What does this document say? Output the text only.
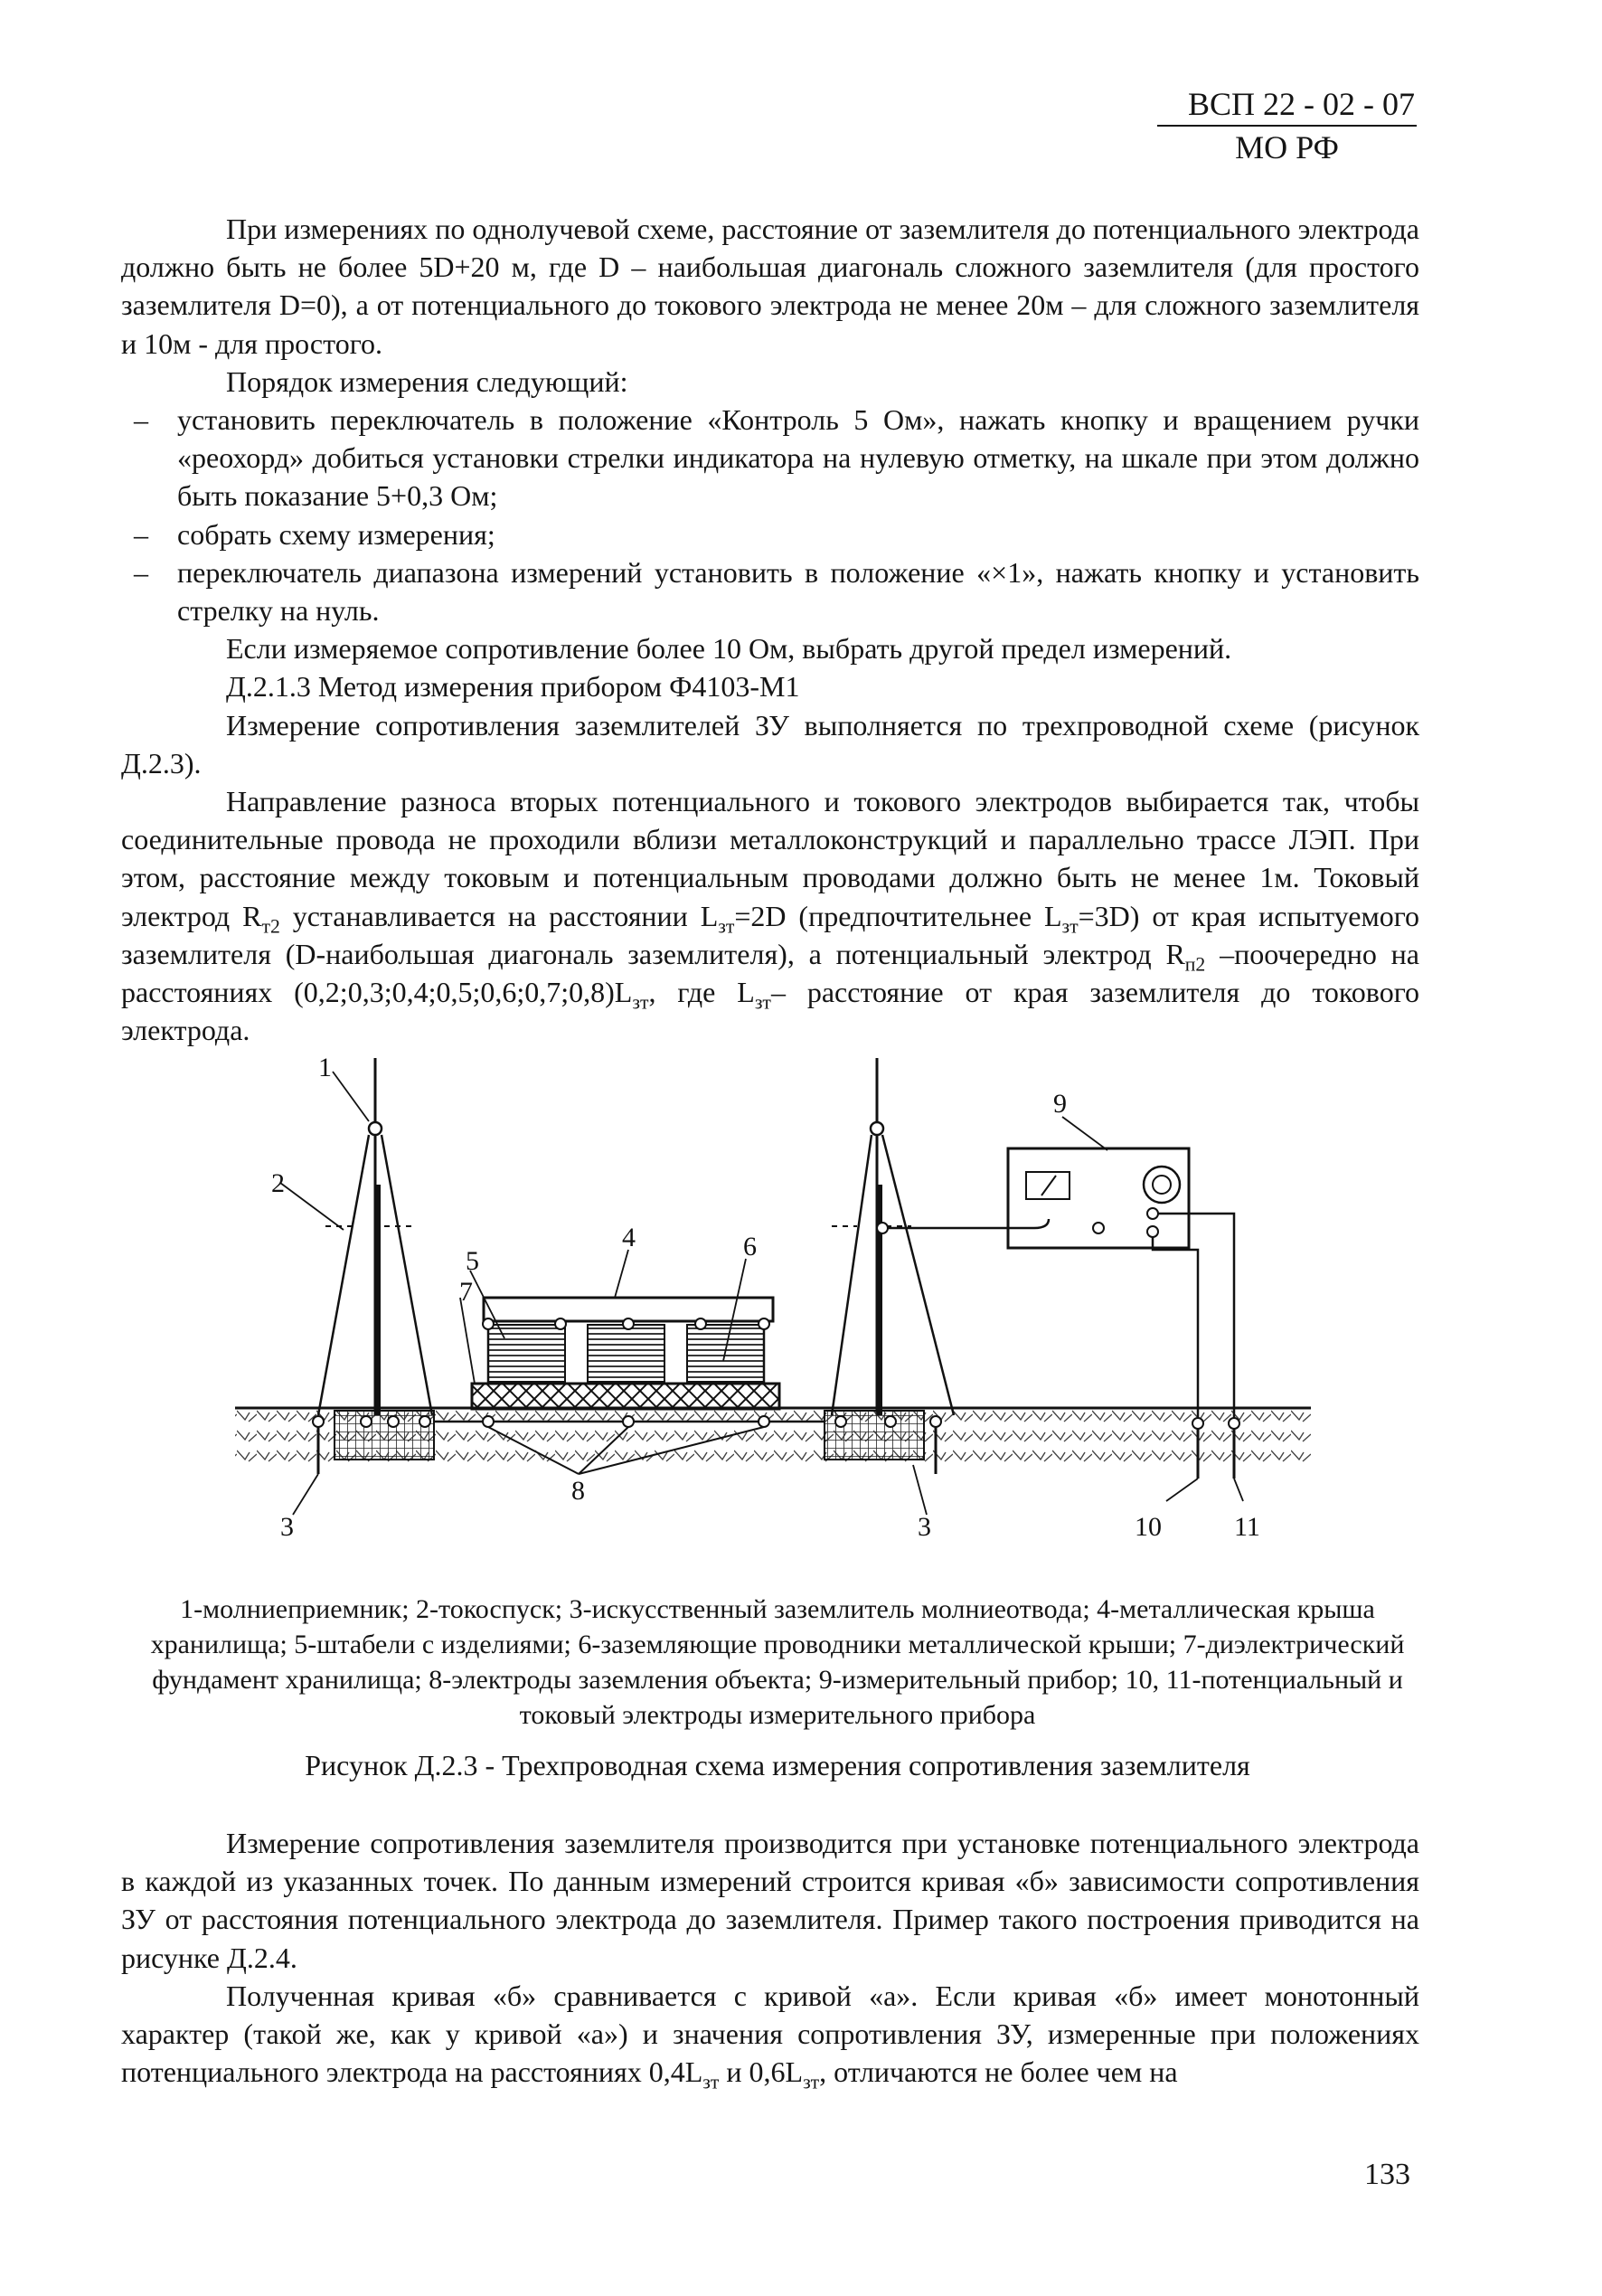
ВСП 22 - 02 - 07

МО РФ

При измерениях по однолучевой схеме, расстояние от заземлителя до потенциального электрода должно быть не более 5D+20 м, где D – наибольшая диагональ сложного заземлителя (для простого заземлителя D=0), а от потенциального до токового электрода не менее 20м – для сложного заземлителя и 10м - для простого.

Порядок измерения следующий:

– установить переключатель в положение «Контроль 5 Ом», нажать кнопку и вращением ручки «реохорд» добиться установки стрелки индикатора на нулевую отметку, на шкале при этом должно быть показание 5+0,3 Ом;
– собрать схему измерения;
– переключатель диапазона измерений установить в положение «×1», нажать кнопку и установить стрелку на нуль.

Если измеряемое сопротивление более 10 Ом, выбрать другой предел измерений.

Д.2.1.3 Метод измерения прибором Ф4103-М1

Измерение сопротивления заземлителей ЗУ выполняется по трехпроводной схеме (рисунок Д.2.3).

Направление разноса вторых потенциального и токового электродов выбирается так, чтобы соединительные провода не проходили вблизи металлоконструкций и параллельно трассе ЛЭП. При этом, расстояние между токовым и потенциальным проводами должно быть не менее 1м. Токовый электрод $R_{т2}$ устанавливается на расстоянии $L_{зт}=2D$ (предпочтительнее $L_{зт}=3D$) от края испытуемого заземлителя (D-наибольшая диагональ заземлителя), а потенциальный электрод $R_{п2}$ –поочередно на расстояниях $(0,2;0,3;0,4;0,5;0,6;0,7;0,8)L_{зт}$, где $L_{зт}-$ расстояние от края заземлителя до токового электрода.

1
2
3	3
4
5	6
7
8
9
10	11
1-молниеприемник; 2-токоспуск; 3-искусственный заземлитель молниеотвода; 4-металлическая крыша хранилища; 5-штабели с изделиями; 6-заземляющие проводники металлической крыши; 7-диэлектрический фундамент хранилища; 8-электроды заземления объекта; 9-измерительный прибор; 10, 11-потенциальный и токовый электроды измерительного прибора
Рисунок Д.2.3 - Трехпроводная схема измерения сопротивления заземлителя

Измерение сопротивления заземлителя производится при установке потенциального электрода в каждой из указанных точек. По данным измерений строится кривая «б» зависимости сопротивления ЗУ от расстояния потенциального электрода до заземлителя. Пример такого построения приводится на рисунке Д.2.4.

Полученная кривая «б» сравнивается с кривой «а». Если кривая «б» имеет монотонный характер (такой же, как у кривой «а») и значения сопротивления ЗУ, измеренные при положениях потенциального электрода на расстояниях $0,4L_{зт}$ и $0,6L_{зт}$, отличаются не более чем на

133
